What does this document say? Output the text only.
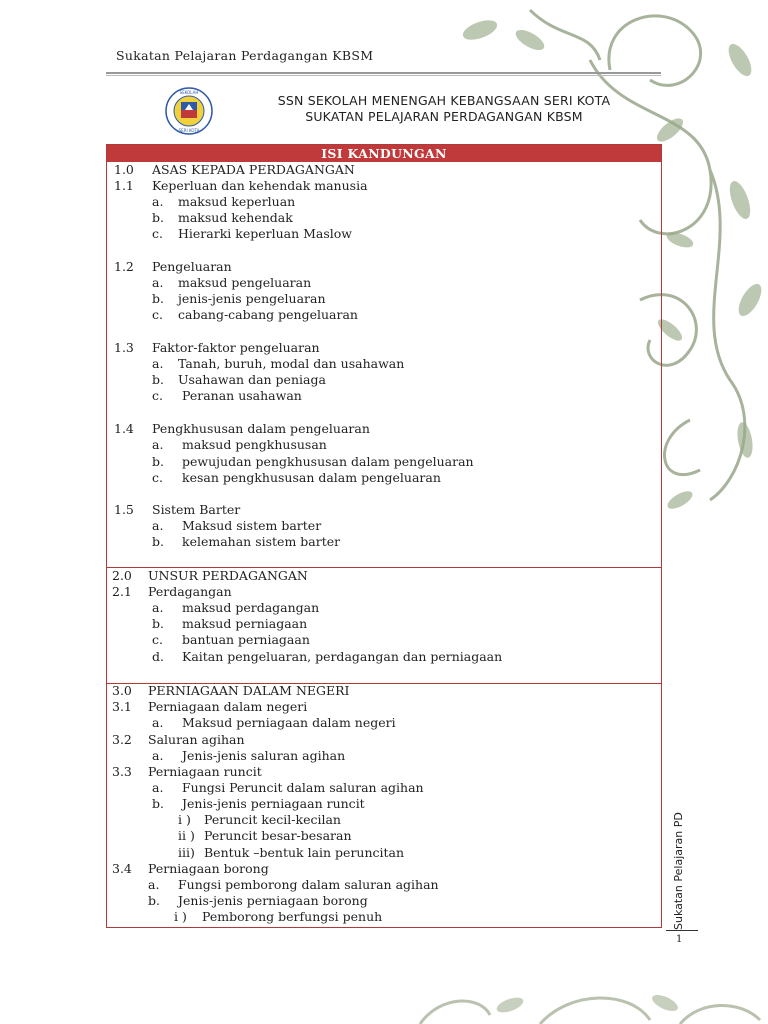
Sukatan Pelajaran Perdagangan KBSM
SEKOLAH
SERI KOTA
SSN SEKOLAH MENENGAH KEBANGSAAN SERI KOTA
SUKATAN PELAJARAN PERDAGANGAN KBSM
ISI KANDUNGAN
1.0 ASAS KEPADA PERDAGANGAN
1.1 Keperluan dan kehendak manusia
a. maksud keperluan
b. maksud kehendak
c. Hierarki keperluan Maslow
1.2 Pengeluaran
a. maksud pengeluaran
b. jenis-jenis pengeluaran
c. cabang-cabang pengeluaran
1.3 Faktor-faktor pengeluaran
a. Tanah, buruh, modal dan usahawan
b. Usahawan dan peniaga
c. Peranan usahawan
1.4 Pengkhususan dalam pengeluaran
a. maksud pengkhususan
b. pewujudan pengkhususan dalam pengeluaran
c. kesan pengkhususan dalam pengeluaran
1.5 Sistem Barter
a. Maksud sistem barter
b. kelemahan sistem barter
2.0 UNSUR PERDAGANGAN
2.1 Perdagangan
a. maksud perdagangan
b. maksud perniagaan
c. bantuan perniagaan
d. Kaitan pengeluaran, perdagangan dan perniagaan
3.0 PERNIAGAAN DALAM NEGERI
3.1 Perniagaan dalam negeri
a. Maksud perniagaan dalam negeri
3.2 Saluran agihan
a. Jenis-jenis saluran agihan
3.3 Perniagaan runcit
a. Fungsi Peruncit dalam saluran agihan
b. Jenis-jenis perniagaan runcit
i ) Peruncit kecil-kecilan
ii ) Peruncit besar-besaran
iii) Bentuk –bentuk lain peruncitan
3.4 Perniagaan borong
a. Fungsi pemborong dalam saluran agihan
b. Jenis-jenis perniagaan borong
i ) Pemborong berfungsi penuh	Sukatan Pelajaran PD
1
